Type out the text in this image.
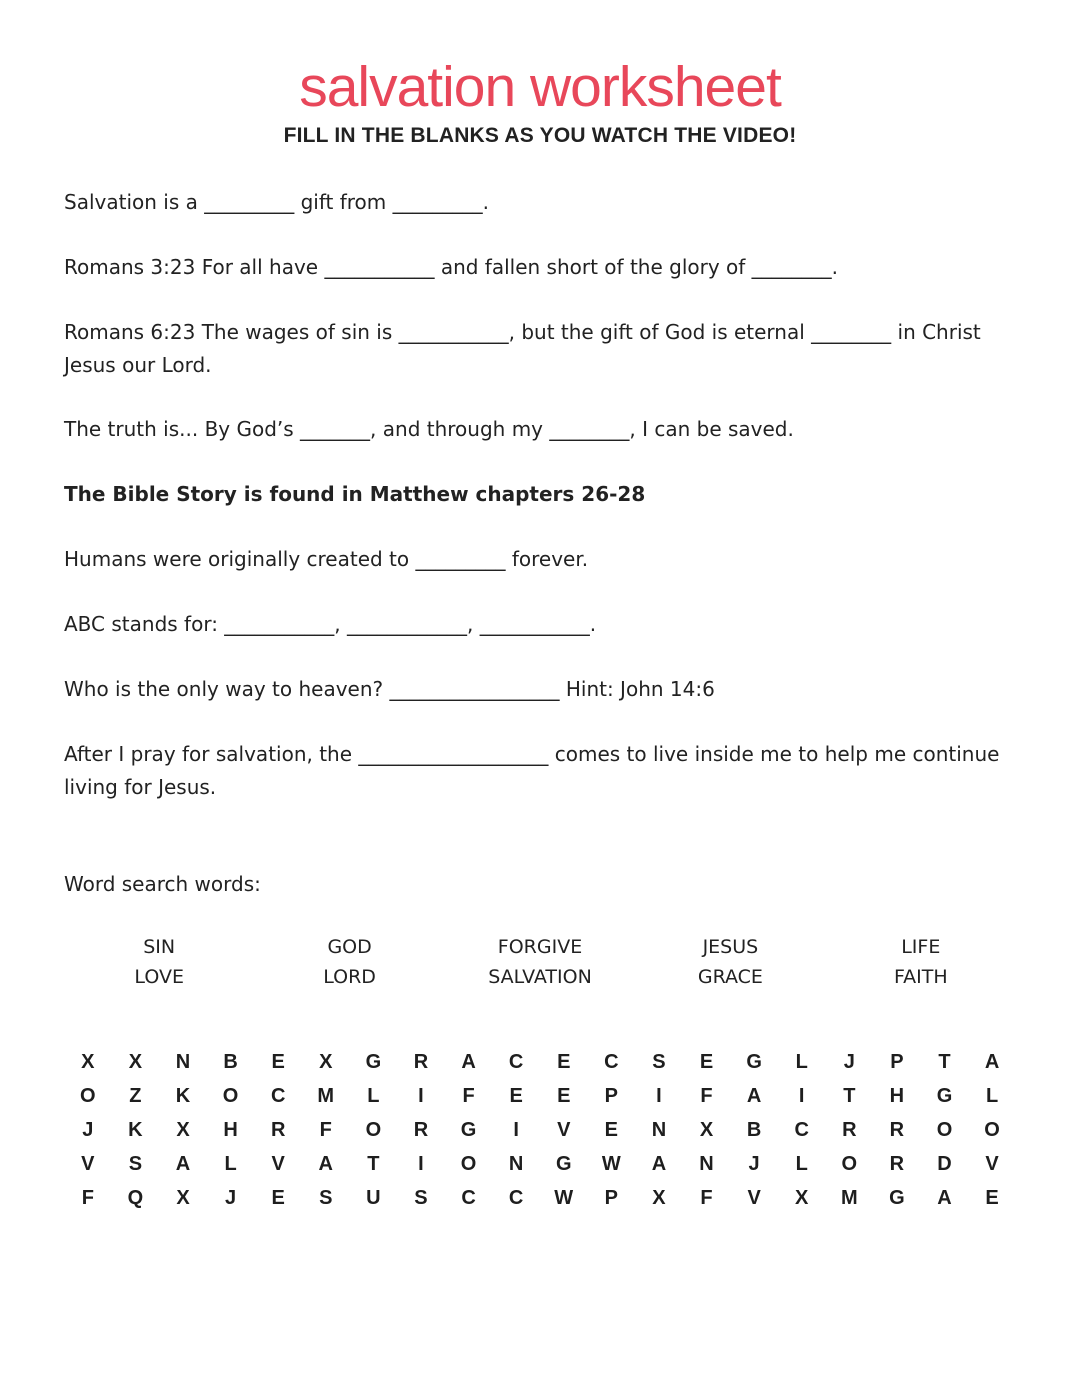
salvation worksheet
FILL IN THE BLANKS AS YOU WATCH THE VIDEO!
Salvation is a _________ gift from _________.
Romans 3:23 For all have ___________ and fallen short of the glory of ________.
Romans 6:23 The wages of sin is ___________, but the gift of God is eternal ________ in Christ Jesus our Lord.
The truth is... By God’s _______, and through my ________, I can be saved.
The Bible Story is found in Matthew chapters 26-28
Humans were originally created to _________ forever.
ABC stands for: ___________, ____________, ___________.
Who is the only way to heaven? _________________ Hint: John 14:6
After I pray for salvation, the ___________________ comes to live inside me to help me continue living for Jesus.
Word search words:
SIN	GOD	FORGIVE	JESUS	LIFE
LOVE	LORD	SALVATION	GRACE	FAITH
X	X	N	B	E	X	G	R	A	C	E	C	S	E	G	L	J	P	T	A
O	Z	K	O	C	M	L	I	F	E	E	P	I	F	A	I	T	H	G	L
J	K	X	H	R	F	O	R	G	I	V	E	N	X	B	C	R	R	O	O
V	S	A	L	V	A	T	I	O	N	G	W	A	N	J	L	O	R	D	V
F	Q	X	J	E	S	U	S	C	C	W	P	X	F	V	X	M	G	A	E
